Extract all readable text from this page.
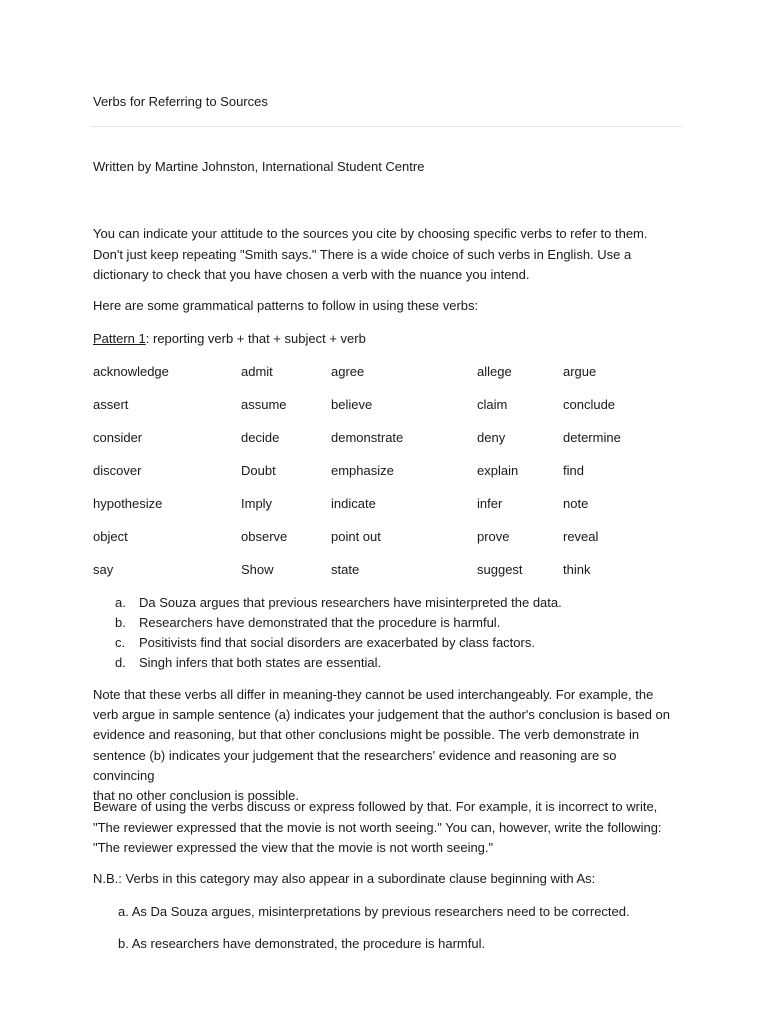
Verbs for Referring to Sources
Written by Martine Johnston, International Student Centre
You can indicate your attitude to the sources you cite by choosing specific verbs to refer to them.
Don't just keep repeating "Smith says." There is a wide choice of such verbs in English. Use a
dictionary to check that you have chosen a verb with the nuance you intend.
Here are some grammatical patterns to follow in using these verbs:
Pattern 1: reporting verb + that + subject + verb
acknowledge	admit	agree	allege	argue
assert	assume	believe	claim	conclude
consider	decide	demonstrate	deny	determine
discover	Doubt	emphasize	explain	find
hypothesize	Imply	indicate	infer	note
object	observe	point out	prove	reveal
say	Show	state	suggest	think
a. Da Souza argues that previous researchers have misinterpreted the data.
b. Researchers have demonstrated that the procedure is harmful.
c. Positivists find that social disorders are exacerbated by class factors.
d. Singh infers that both states are essential.
Note that these verbs all differ in meaning-they cannot be used interchangeably. For example, the
verb argue in sample sentence (a) indicates your judgement that the author's conclusion is based on
evidence and reasoning, but that other conclusions might be possible. The verb demonstrate in
sentence (b) indicates your judgement that the researchers' evidence and reasoning are so convincing
that no other conclusion is possible.
Beware of using the verbs discuss or express followed by that. For example, it is incorrect to write,
"The reviewer expressed that the movie is not worth seeing." You can, however, write the following:
"The reviewer expressed the view that the movie is not worth seeing."
N.B.: Verbs in this category may also appear in a subordinate clause beginning with As:
a. As Da Souza argues, misinterpretations by previous researchers need to be corrected.
b. As researchers have demonstrated, the procedure is harmful.
